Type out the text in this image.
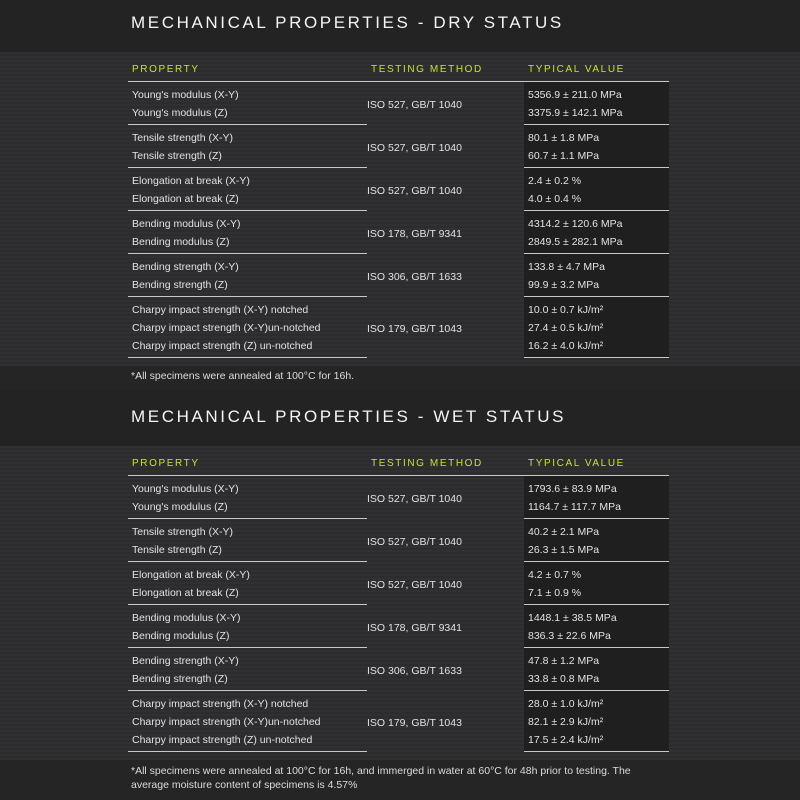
MECHANICAL PROPERTIES - DRY STATUS
PROPERTY	TESTING METHOD	TYPICAL VALUE
Young's modulus (X-Y)	ISO 527, GB/T 1040	5356.9 ± 211.0 MPa
Young's modulus (Z)		3375.9 ± 142.1 MPa
Tensile strength (X-Y)	ISO 527, GB/T 1040	80.1 ± 1.8 MPa
Tensile strength (Z)		60.7 ± 1.1 MPa
Elongation at break (X-Y)	ISO 527, GB/T 1040	2.4 ± 0.2 %
Elongation at break (Z)		4.0 ± 0.4 %
Bending modulus (X-Y)	ISO 178, GB/T 9341	4314.2 ± 120.6 MPa
Bending modulus (Z)		2849.5 ± 282.1 MPa
Bending strength (X-Y)	ISO 306, GB/T 1633	133.8 ± 4.7 MPa
Bending strength (Z)		99.9 ± 3.2 MPa
Charpy impact strength (X-Y) notched	ISO 179, GB/T 1043	10.0 ± 0.7 kJ/m²
Charpy impact strength (X-Y)un-notched		27.4 ± 0.5 kJ/m²
Charpy impact strength (Z) un-notched		16.2 ± 4.0 kJ/m²
*All specimens were annealed at 100°C for 16h.
MECHANICAL PROPERTIES - WET STATUS
PROPERTY	TESTING METHOD	TYPICAL VALUE
Young's modulus (X-Y)	ISO 527, GB/T 1040	1793.6 ± 83.9 MPa
Young's modulus (Z)		1164.7 ± 117.7 MPa
Tensile strength (X-Y)	ISO 527, GB/T 1040	40.2 ± 2.1 MPa
Tensile strength (Z)		26.3 ± 1.5 MPa
Elongation at break (X-Y)	ISO 527, GB/T 1040	4.2 ± 0.7 %
Elongation at break (Z)		7.1 ± 0.9 %
Bending modulus (X-Y)	ISO 178, GB/T 9341	1448.1 ± 38.5 MPa
Bending modulus (Z)		836.3 ± 22.6 MPa
Bending strength (X-Y)	ISO 306, GB/T 1633	47.8 ± 1.2 MPa
Bending strength (Z)		33.8 ± 0.8 MPa
Charpy impact strength (X-Y) notched	ISO 179, GB/T 1043	28.0 ± 1.0 kJ/m²
Charpy impact strength (X-Y)un-notched		82.1 ± 2.9 kJ/m²
Charpy impact strength (Z) un-notched		17.5 ± 2.4 kJ/m²
*All specimens were annealed at 100°C for 16h, and immerged in water at 60°C for 48h prior to testing. The average moisture content of specimens is 4.57%
